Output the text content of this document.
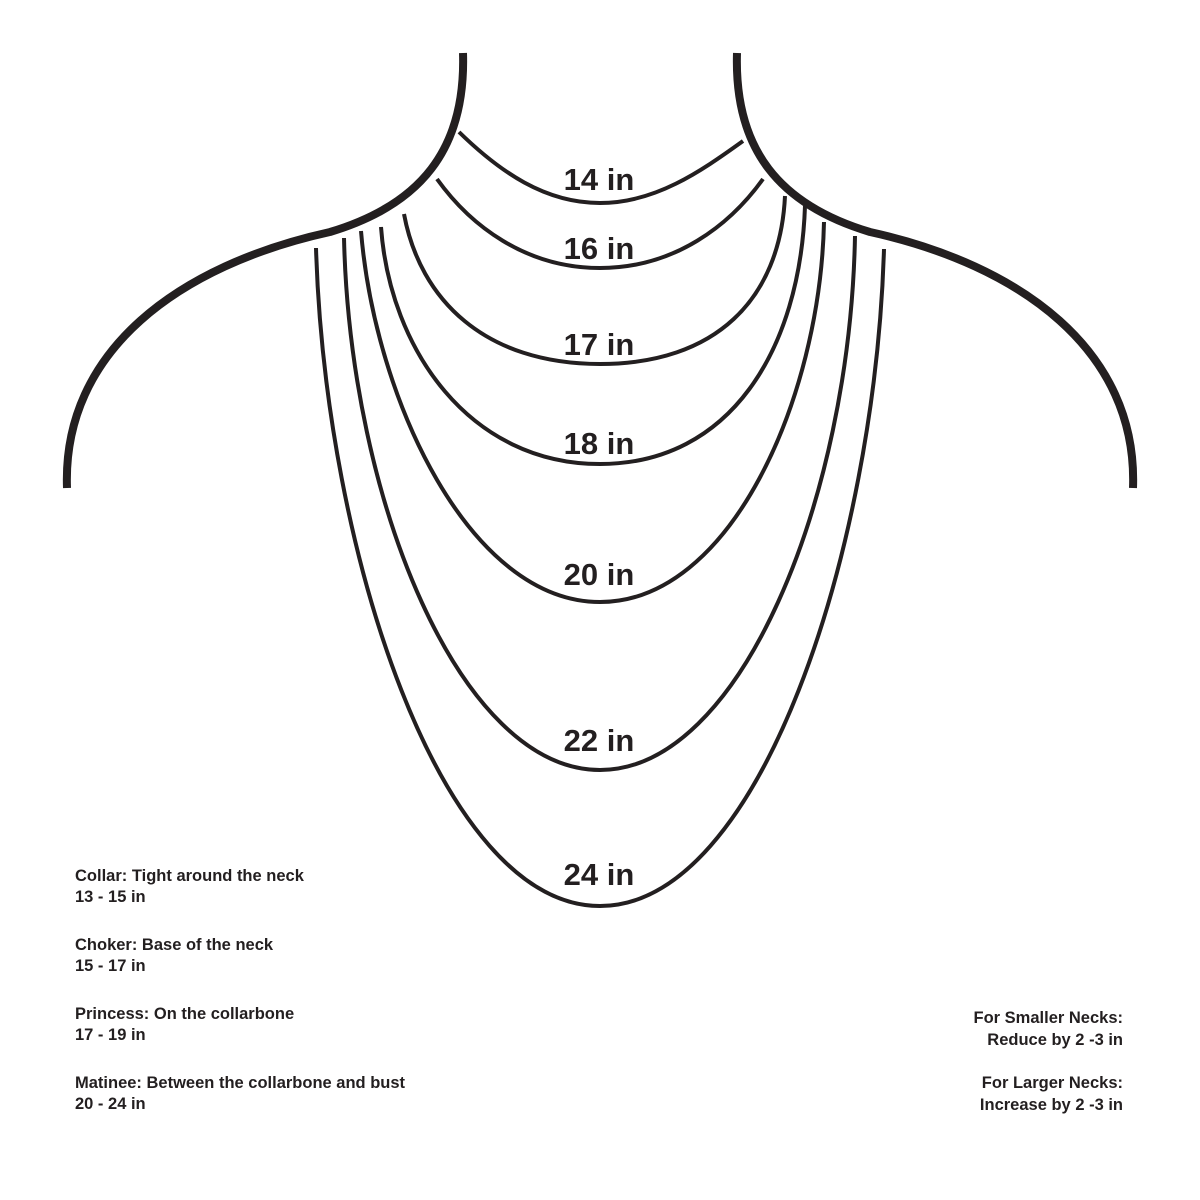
14 in
16 in
17 in
18 in
20 in
22 in
24 in
Collar: Tight around the neck
13 - 15 in
Choker: Base of the neck
15 - 17 in
Princess: On the collarbone
17 - 19 in
Matinee: Between the collarbone and bust
20 - 24 in
For Smaller Necks:
Reduce by 2 -3 in
For Larger Necks:
Increase by 2 -3 in
